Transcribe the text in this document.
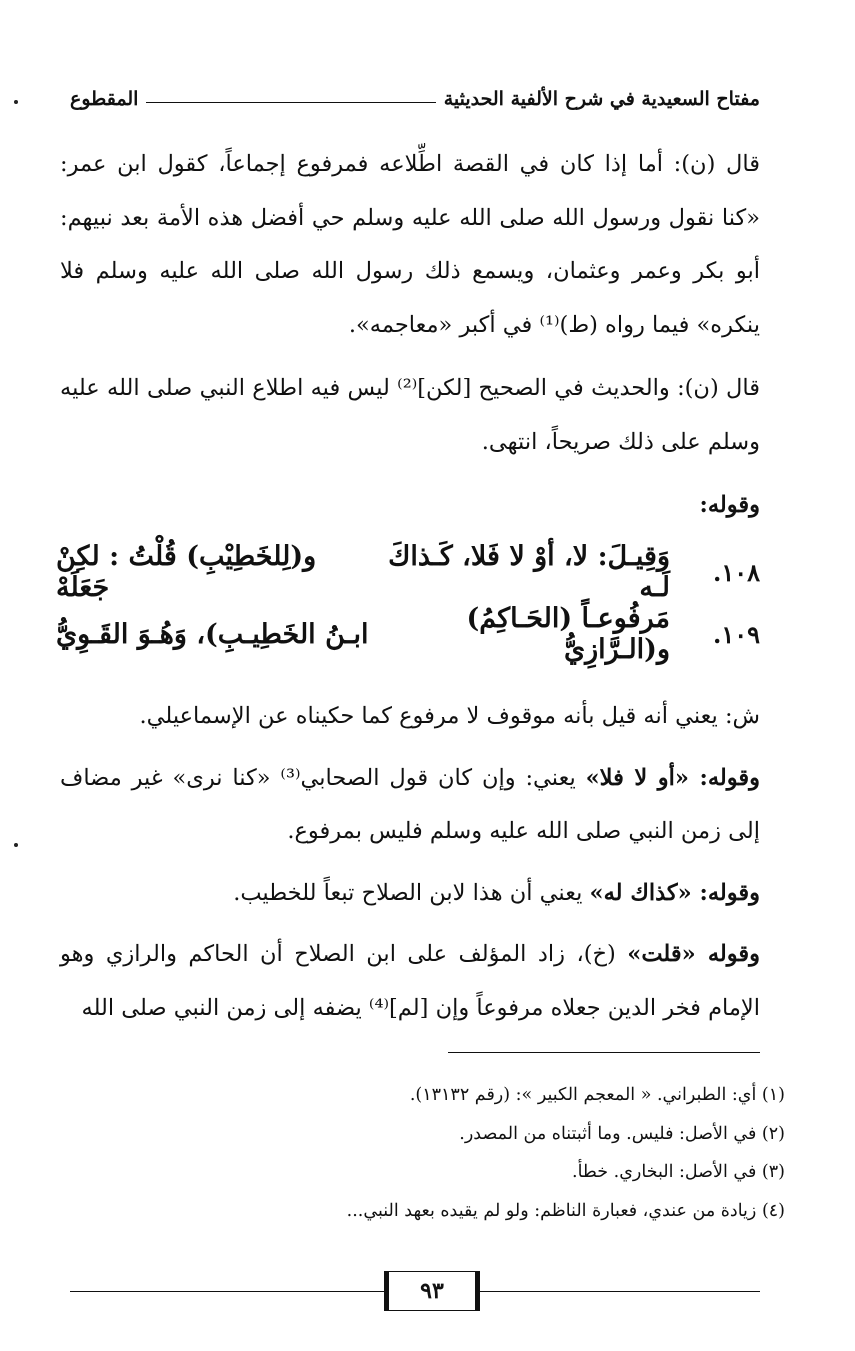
مفتاح السعيدية في شرح الألفية الحديثية
المقطوع

قال (ن): أما إذا كان في القصة اطِّلاعه فمرفوع إجماعاً، كقول ابن عمر: «كنا نقول ورسول الله صلى الله عليه وسلم حي أفضل هذه الأمة بعد نبيهم: أبو بكر وعمر وعثمان، ويسمع ذلك رسول الله صلى الله عليه وسلم فلا ينكره» فيما رواه (ط)⁽¹⁾ في أكبر «معاجمه».

قال (ن): والحديث في الصحيح [لكن]⁽²⁾ ليس فيه اطلاع النبي صلى الله عليه وسلم على ذلك صريحاً، انتهى.

وقوله:

١٠٨.
وَقِيـلَ: لا، أوْ لا فَلا، كَـذاكَ لَـه
و(لِلخَطِيْبِ) قُلْتُ : لكِنْ جَعَلَهْ
١٠٩.
مَرفُوعـاً (الحَـاكِمُ) و(الـرَّازِيُّ
ابـنُ الخَطِيـبِ)، وَهُـوَ القَـوِيُّ

ش: يعني أنه قيل بأنه موقوف لا مرفوع كما حكيناه عن الإسماعيلي.

وقوله: «أو لا فلا» يعني: وإن كان قول الصحابي⁽³⁾ «كنا نرى» غير مضاف إلى زمن النبي صلى الله عليه وسلم فليس بمرفوع.

وقوله: «كذاك له» يعني أن هذا لابن الصلاح تبعاً للخطيب.

وقوله «قلت» (خ)، زاد المؤلف على ابن الصلاح أن الحاكم والرازي وهو الإمام فخر الدين جعلاه مرفوعاً وإن [لم]⁽⁴⁾ يضفه إلى زمن النبي صلى الله

(١) أي: الطبراني. « المعجم الكبير »: (رقم ١٣١٣٢).

(٢) في الأصل: فليس. وما أثبتناه من المصدر.

(٣) في الأصل: البخاري. خطأ.

(٤) زيادة من عندي، فعبارة الناظم: ولو لم يقيده بعهد النبي...

٩٣
